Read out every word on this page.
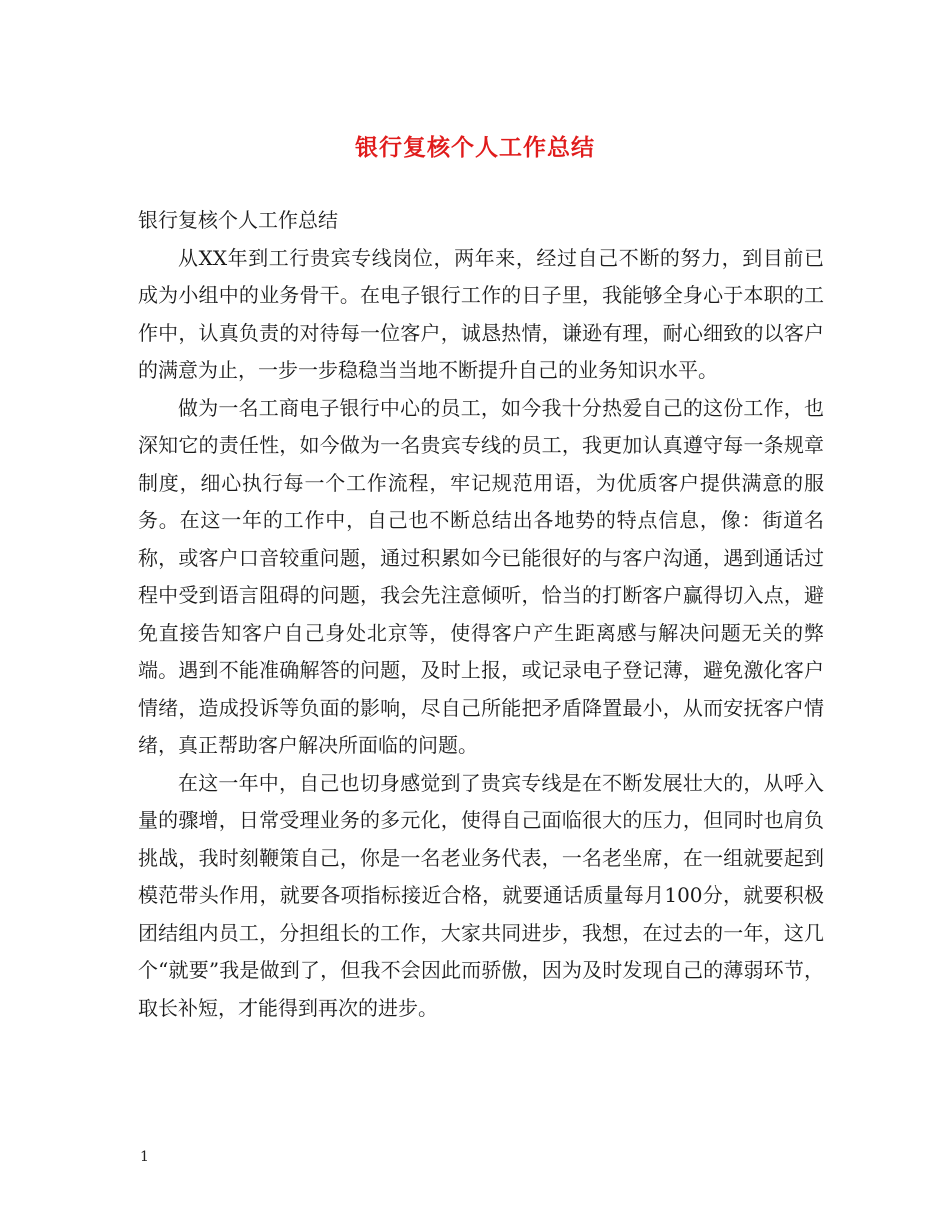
银行复核个人工作总结

银行复核个人工作总结

从XX年到工行贵宾专线岗位，两年来，经过自己不断的努力，到目前已成为小组中的业务骨干。在电子银行工作的日子里，我能够全身心于本职的工作中，认真负责的对待每一位客户，诚恳热情，谦逊有理，耐心细致的以客户的满意为止，一步一步稳稳当当地不断提升自己的业务知识水平。

做为一名工商电子银行中心的员工，如今我十分热爱自己的这份工作，也深知它的责任性，如今做为一名贵宾专线的员工，我更加认真遵守每一条规章制度，细心执行每一个工作流程，牢记规范用语，为优质客户提供满意的服务。在这一年的工作中，自己也不断总结出各地势的特点信息，像：街道名称，或客户口音较重问题，通过积累如今已能很好的与客户沟通，遇到通话过程中受到语言阻碍的问题，我会先注意倾听，恰当的打断客户赢得切入点，避免直接告知客户自己身处北京等，使得客户产生距离感与解决问题无关的弊端。遇到不能准确解答的问题，及时上报，或记录电子登记薄，避免激化客户情绪，造成投诉等负面的影响，尽自己所能把矛盾降置最小，从而安抚客户情绪，真正帮助客户解决所面临的问题。

在这一年中，自己也切身感觉到了贵宾专线是在不断发展壮大的，从呼入量的骤增，日常受理业务的多元化，使得自己面临很大的压力，但同时也肩负挑战，我时刻鞭策自己，你是一名老业务代表，一名老坐席，在一组就要起到模范带头作用，就要各项指标接近合格，就要通话质量每月100分，就要积极团结组内员工，分担组长的工作，大家共同进步，我想，在过去的一年，这几个“就要”我是做到了，但我不会因此而骄傲，因为及时发现自己的薄弱环节，取长补短，才能得到再次的进步。

1
